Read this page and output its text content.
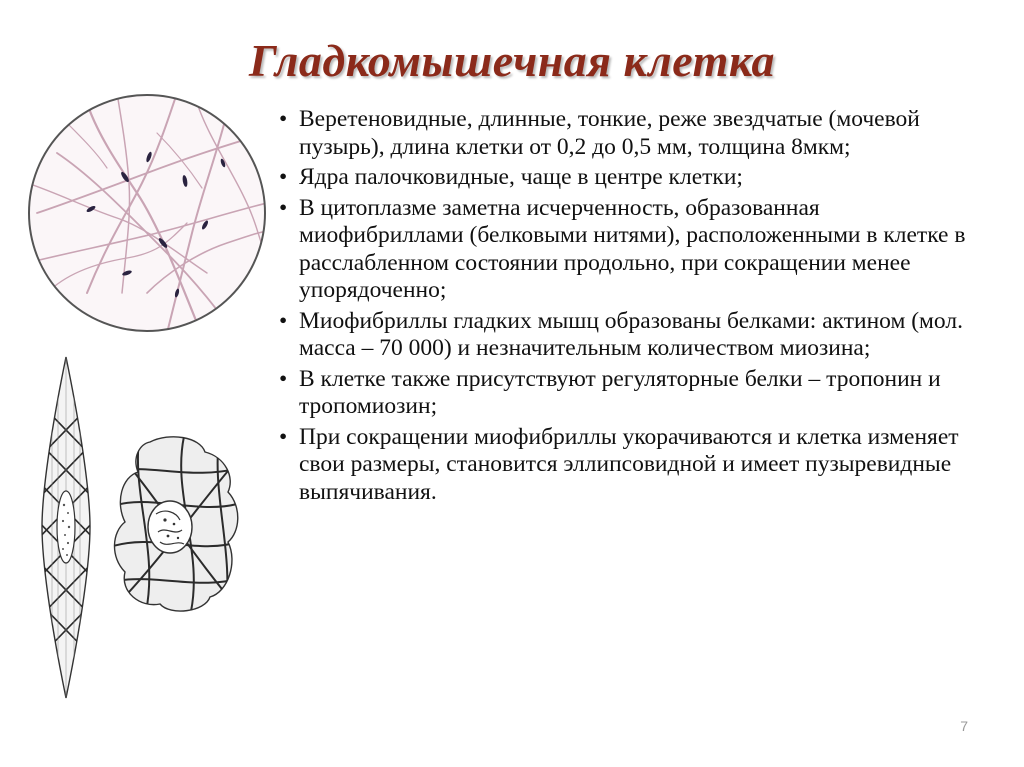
Гладкомышечная клетка
• Веретеновидные, длинные, тонкие, реже звездчатые (мочевой пузырь), длина клетки от 0,2 до 0,5 мм, толщина 8мкм;
• Ядра палочковидные, чаще в центре клетки;
• В цитоплазме заметна исчерченность, образованная миофибриллами (белковыми нитями), расположенными в клетке в расслабленном состоянии продольно, при сокращении менее упорядоченно;
• Миофибриллы гладких мышц образованы белками: актином (мол. масса – 70 000) и незначительным количеством миозина;
• В клетке также присутствуют регуляторные белки – тропонин и тропомиозин;
• При сокращении миофибриллы укорачиваются и клетка изменяет свои размеры, становится эллипсовидной и имеет пузыревидные выпячивания.
7
